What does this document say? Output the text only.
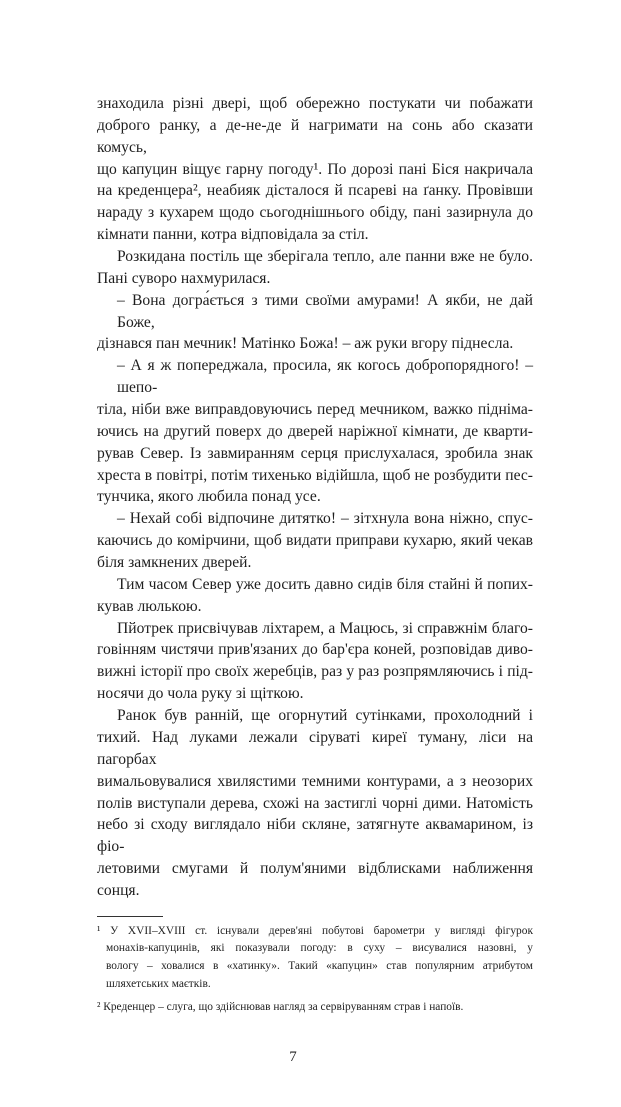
знаходила різні двері, щоб обережно постукати чи побажати
доброго ранку, а де-не-де й нагримати на сонь або сказати комусь,
що капуцин віщує гарну погоду¹. По дорозі пані Біся накричала
на креденцера², неабияк дісталося й псареві на ґанку. Провівши
нараду з кухарем щодо сьогоднішнього обіду, пані зазирнула до
кімнати панни, котра відповідала за стіл.
Розкидана постіль ще зберігала тепло, але панни вже не було.
Пані суворо нахмурилася.
– Вона догра́ється з тими своїми амурами! А якби, не дай Боже,
дізнався пан мечник! Матінко Божа! – аж руки вгору піднесла.
– А я ж попереджала, просила, як когось добропорядного! – шепо-
тіла, ніби вже виправдовуючись перед мечником, важко підніма-
ючись на другий поверх до дверей наріжної кімнати, де кварти-
рував Север. Із завмиранням серця прислухалася, зробила знак
хреста в повітрі, потім тихенько відійшла, щоб не розбудити пес-
тунчика, якого любила понад усе.
– Нехай собі відпочине дитятко! – зітхнула вона ніжно, спус-
каючись до комірчини, щоб видати приправи кухарю, який чекав
біля замкнених дверей.
Тим часом Север уже досить давно сидів біля стайні й попих-
кував люлькою.
Пйотрек присвічував ліхтарем, а Мацюсь, зі справжнім благо-
говінням чистячи прив'язаних до бар'єра коней, розповідав диво-
вижні історії про своїх жеребців, раз у раз розпрямляючись і під-
носячи до чола руку зі щіткою.
Ранок був ранній, ще огорнутий сутінками, прохолодний і
тихий. Над луками лежали сіруваті киреї туману, ліси на пагорбах
вимальовувалися хвилястими темними контурами, а з неозорих
полів виступали дерева, схожі на застиглі чорні дими. Натомість
небо зі сходу виглядало ніби скляне, затягнуте аквамарином, із фіо-
летовими смугами й полум'яними відблисками наближення сонця.
¹ У XVII–XVIII ст. існували дерев'яні побутові барометри у вигляді фігурок
монахів-капуцинів, які показували погоду: в суху – висувалися назовні, у
вологу – ховалися в «хатинку». Такий «капуцин» став популярним атрибутом
шляхетських маєтків.
² Креденцер – слуга, що здійснював нагляд за сервіруванням страв і напоїв.
7
